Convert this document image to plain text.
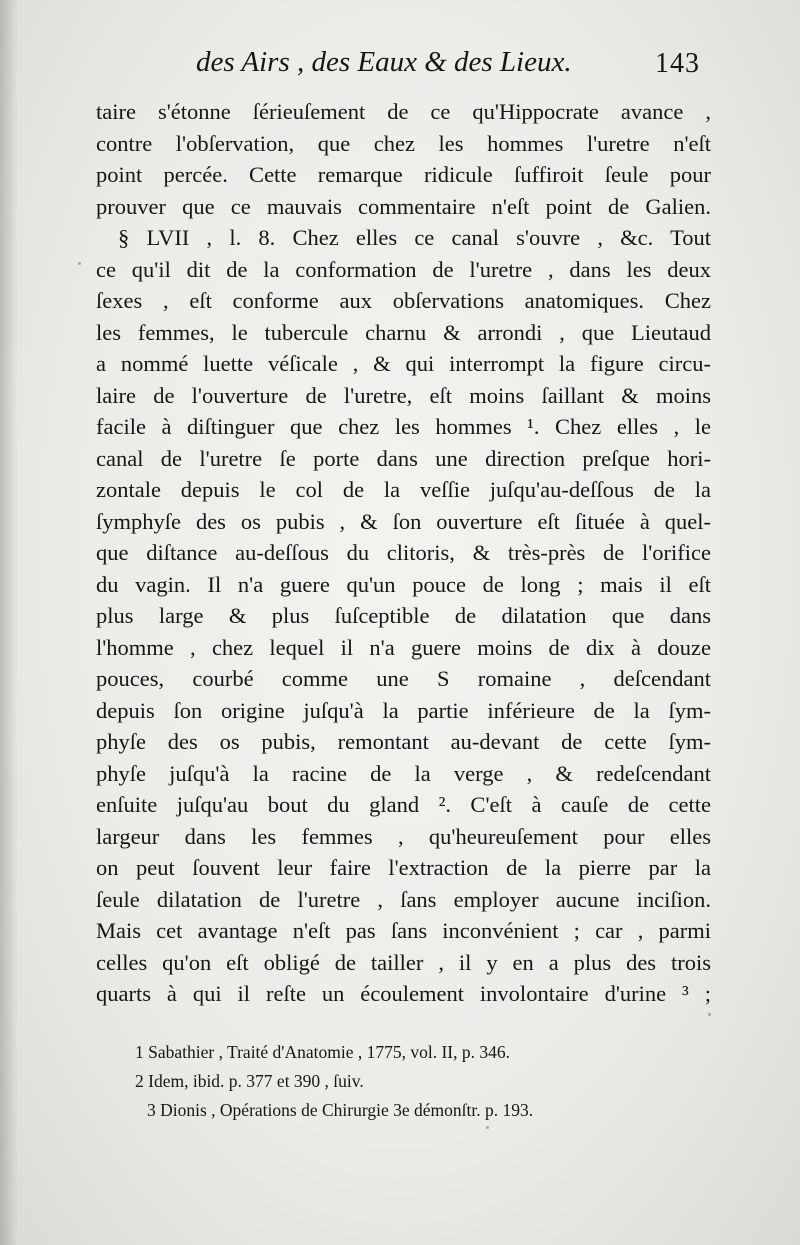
des Airs , des Eaux & des Lieux.	143
taire s'étonne ſérieuſement de ce qu'Hippocrate avance ,
contre l'obſervation, que chez les hommes l'uretre n'eſt
point percée. Cette remarque ridicule ſuffiroit ſeule pour
prouver que ce mauvais commentaire n'eſt point de Galien.
§ LVII , l. 8. Chez elles ce canal s'ouvre , &c. Tout
ce qu'il dit de la conformation de l'uretre , dans les deux
ſexes , eſt conforme aux obſervations anatomiques. Chez
les femmes, le tubercule charnu & arrondi , que Lieutaud
a nommé luette véſicale , & qui interrompt la figure circu-
laire de l'ouverture de l'uretre, eſt moins ſaillant & moins
facile à diſtinguer que chez les hommes ¹. Chez elles , le
canal de l'uretre ſe porte dans une direction preſque hori-
zontale depuis le col de la veſſie juſqu'au-deſſous de la
ſymphyſe des os pubis , & ſon ouverture eſt ſituée à quel-
que diſtance au-deſſous du clitoris, & très-près de l'orifice
du vagin. Il n'a guere qu'un pouce de long ; mais il eſt
plus large & plus ſuſceptible de dilatation que dans
l'homme , chez lequel il n'a guere moins de dix à douze
pouces, courbé comme une S romaine , deſcendant
depuis ſon origine juſqu'à la partie inférieure de la ſym-
phyſe des os pubis, remontant au-devant de cette ſym-
phyſe juſqu'à la racine de la verge , & redeſcendant
enſuite juſqu'au bout du gland ². C'eſt à cauſe de cette
largeur dans les femmes , qu'heureuſement pour elles
on peut ſouvent leur faire l'extraction de la pierre par la
ſeule dilatation de l'uretre , ſans employer aucune inciſion.
Mais cet avantage n'eſt pas ſans inconvénient ; car , parmi
celles qu'on eſt obligé de tailler , il y en a plus des trois
quarts à qui il reſte un écoulement involontaire d'urine ³ ;
1 Sabathier , Traité d'Anatomie , 1775, vol. II, p. 346.
2 Idem, ibid. p. 377 et 390 , ſuiv.
3 Dionis , Opérations de Chirurgie 3e démonſtr. p. 193.
